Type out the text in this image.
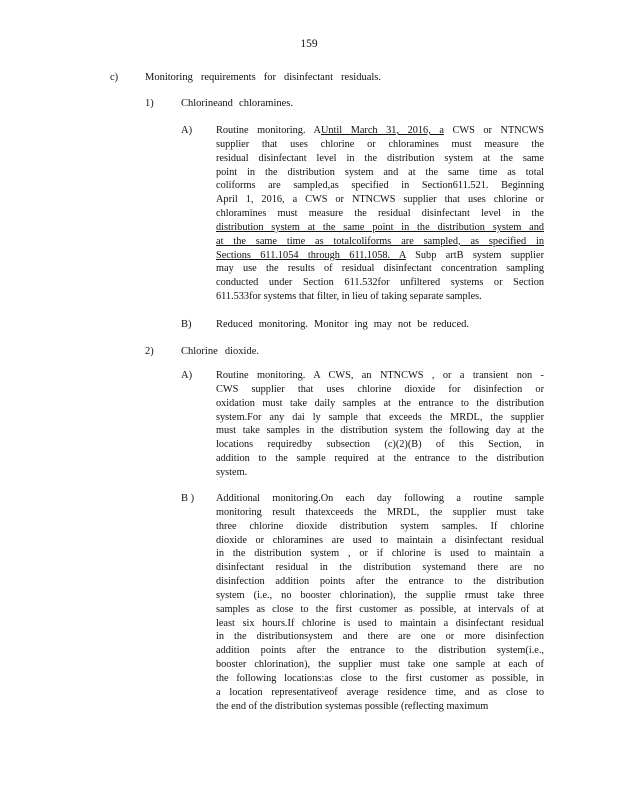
159
c)	Monitoring requirements for disinfectant residuals.
1)	Chlorineand chloramines.
A) Routine monitoring. AUntil March 31, 2016, a CWS or NTNCWS
supplier that uses chlorine or chloramines must measure the
residual disinfectant level in the distribution system at the same
point in the distribution system and at the same time as total
coliforms are sampled,as specified in Section611.521. Beginning
April 1, 2016, a CWS or NTNCWS supplier that uses chlorine or
chloramines must measure the residual disinfectant level in the
distribution system at the same point in the distribution system and
at the same time as totalcoliforms are sampled, as specified in
Sections 611.1054 through 611.1058. A Subp artB system supplier
may use the results of residual disinfectant concentration sampling
conducted under Section 611.532for unfiltered systems or Section
611.533for systems that filter, in lieu of taking separate samples.
B) Reduced monitoring. Monitor ing may not be reduced.
2)	Chlorine dioxide.
A) Routine monitoring. A CWS, an NTNCWS , or a transient non -
CWS supplier that uses chlorine dioxide for disinfection or
oxidation must take daily samples at the entrance to the distribution
system.For any dai ly sample that exceeds the MRDL, the supplier
must take samples in the distribution system the following day at the
locations requiredby subsection (c)(2)(B) of this Section, in
addition to the sample required at the entrance to the distribution
system.
B ) Additional monitoring.On each day following a routine sample
monitoring result thatexceeds the MRDL, the supplier must take
three chlorine dioxide distribution system samples. If chlorine
dioxide or chloramines are used to maintain a disinfectant residual
in the distribution system , or if chlorine is used to maintain a
disinfectant residual in the distribution systemand there are no
disinfection addition points after the entrance to the distribution
system (i.e., no booster chlorination), the supplie rmust take three
samples as close to the first customer as possible, at intervals of at
least six hours.If chlorine is used to maintain a disinfectant residual
in the distributionsystem and there are one or more disinfection
addition points after the entrance to the distribution system(i.e.,
booster chlorination), the supplier must take one sample at each of
the following locations:as close to the first customer as possible, in
a location representativeof average residence time, and as close to
the end of the distribution systemas possible (reflecting maximum
